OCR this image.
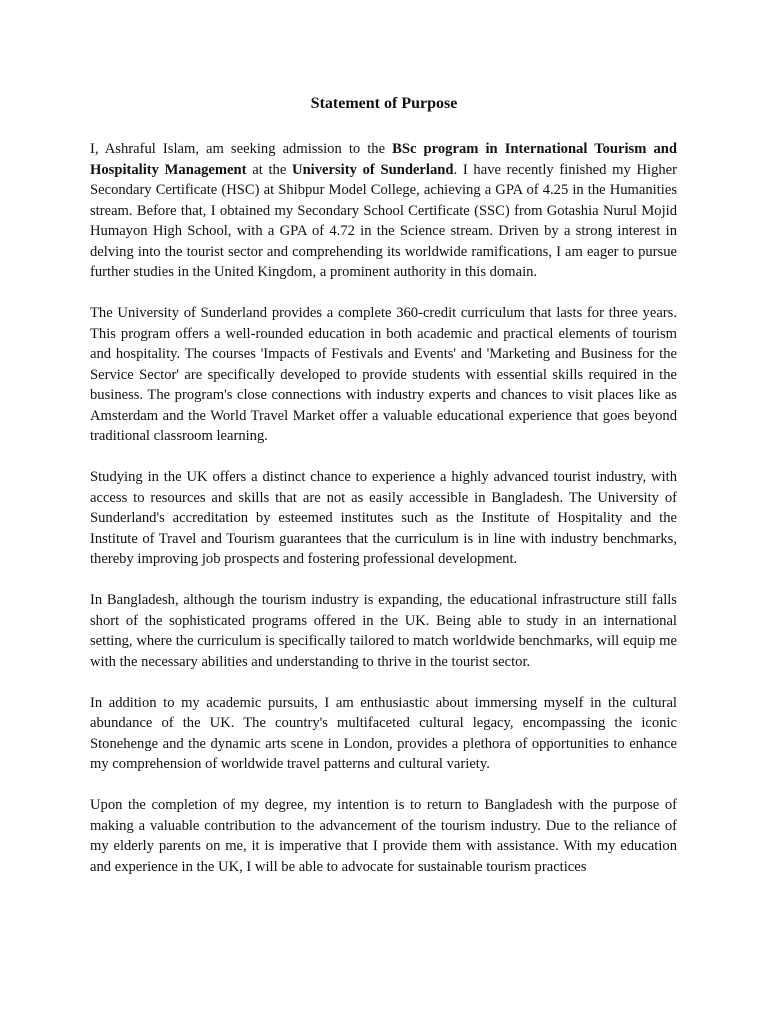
Statement of Purpose

I, Ashraful Islam, am seeking admission to the BSc program in International Tourism and Hospitality Management at the University of Sunderland. I have recently finished my Higher Secondary Certificate (HSC) at Shibpur Model College, achieving a GPA of 4.25 in the Humanities stream. Before that, I obtained my Secondary School Certificate (SSC) from Gotashia Nurul Mojid Humayon High School, with a GPA of 4.72 in the Science stream. Driven by a strong interest in delving into the tourist sector and comprehending its worldwide ramifications, I am eager to pursue further studies in the United Kingdom, a prominent authority in this domain.

The University of Sunderland provides a complete 360-credit curriculum that lasts for three years. This program offers a well-rounded education in both academic and practical elements of tourism and hospitality. The courses 'Impacts of Festivals and Events' and 'Marketing and Business for the Service Sector' are specifically developed to provide students with essential skills required in the business. The program's close connections with industry experts and chances to visit places like as Amsterdam and the World Travel Market offer a valuable educational experience that goes beyond traditional classroom learning.

Studying in the UK offers a distinct chance to experience a highly advanced tourist industry, with access to resources and skills that are not as easily accessible in Bangladesh. The University of Sunderland's accreditation by esteemed institutes such as the Institute of Hospitality and the Institute of Travel and Tourism guarantees that the curriculum is in line with industry benchmarks, thereby improving job prospects and fostering professional development.

In Bangladesh, although the tourism industry is expanding, the educational infrastructure still falls short of the sophisticated programs offered in the UK. Being able to study in an international setting, where the curriculum is specifically tailored to match worldwide benchmarks, will equip me with the necessary abilities and understanding to thrive in the tourist sector.

In addition to my academic pursuits, I am enthusiastic about immersing myself in the cultural abundance of the UK. The country's multifaceted cultural legacy, encompassing the iconic Stonehenge and the dynamic arts scene in London, provides a plethora of opportunities to enhance my comprehension of worldwide travel patterns and cultural variety.

Upon the completion of my degree, my intention is to return to Bangladesh with the purpose of making a valuable contribution to the advancement of the tourism industry. Due to the reliance of my elderly parents on me, it is imperative that I provide them with assistance. With my education and experience in the UK, I will be able to advocate for sustainable tourism practices
